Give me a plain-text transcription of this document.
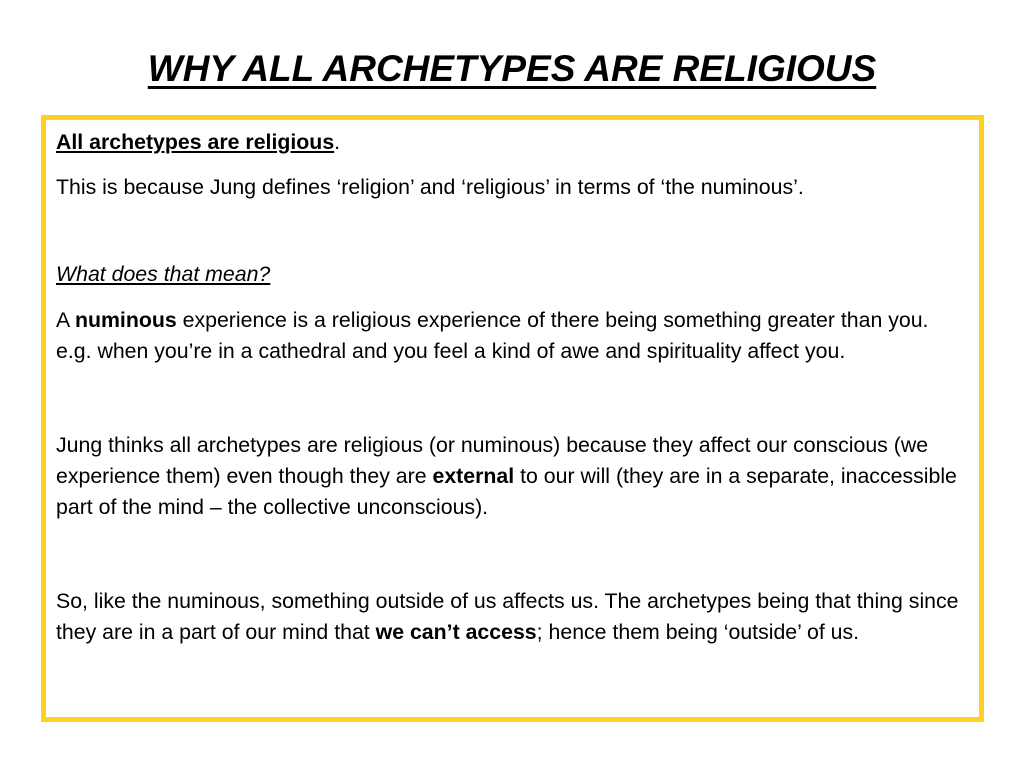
WHY ALL ARCHETYPES ARE RELIGIOUS

All archetypes are religious.

This is because Jung defines ‘religion’ and ‘religious’ in terms of ‘the numinous’.

What does that mean?

A numinous experience is a religious experience of there being something greater than you. e.g. when you’re in a cathedral and you feel a kind of awe and spirituality affect you.

Jung thinks all archetypes are religious (or numinous) because they affect our conscious (we experience them) even though they are external to our will (they are in a separate, inaccessible part of the mind – the collective unconscious).

So, like the numinous, something outside of us affects us. The archetypes being that thing since they are in a part of our mind that we can’t access; hence them being ‘outside’ of us.
